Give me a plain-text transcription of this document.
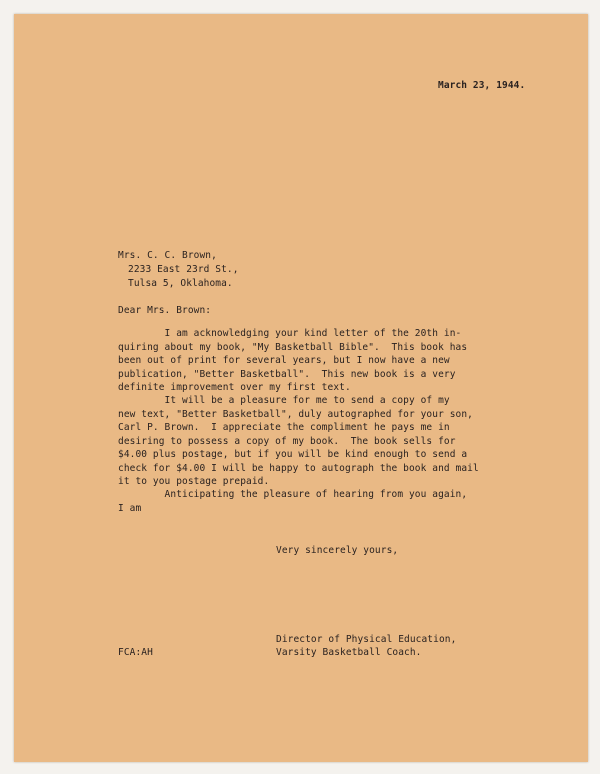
March 23, 1944.
Mrs. C. C. Brown,
2233 East 23rd St.,
Tulsa 5, Oklahoma.
Dear Mrs. Brown:
I am acknowledging your kind letter of the 20th in-
quiring about my book, "My Basketball Bible".  This book has
been out of print for several years, but I now have a new
publication, "Better Basketball".  This new book is a very
definite improvement over my first text.
It will be a pleasure for me to send a copy of my
new text, "Better Basketball", duly autographed for your son,
Carl P. Brown.  I appreciate the compliment he pays me in
desiring to possess a copy of my book.  The book sells for
$4.00 plus postage, but if you will be kind enough to send a
check for $4.00 I will be happy to autograph the book and mail
it to you postage prepaid.
Anticipating the pleasure of hearing from you again,
I am
Very sincerely yours,
Director of Physical Education,
Varsity Basketball Coach.
FCA:AH
